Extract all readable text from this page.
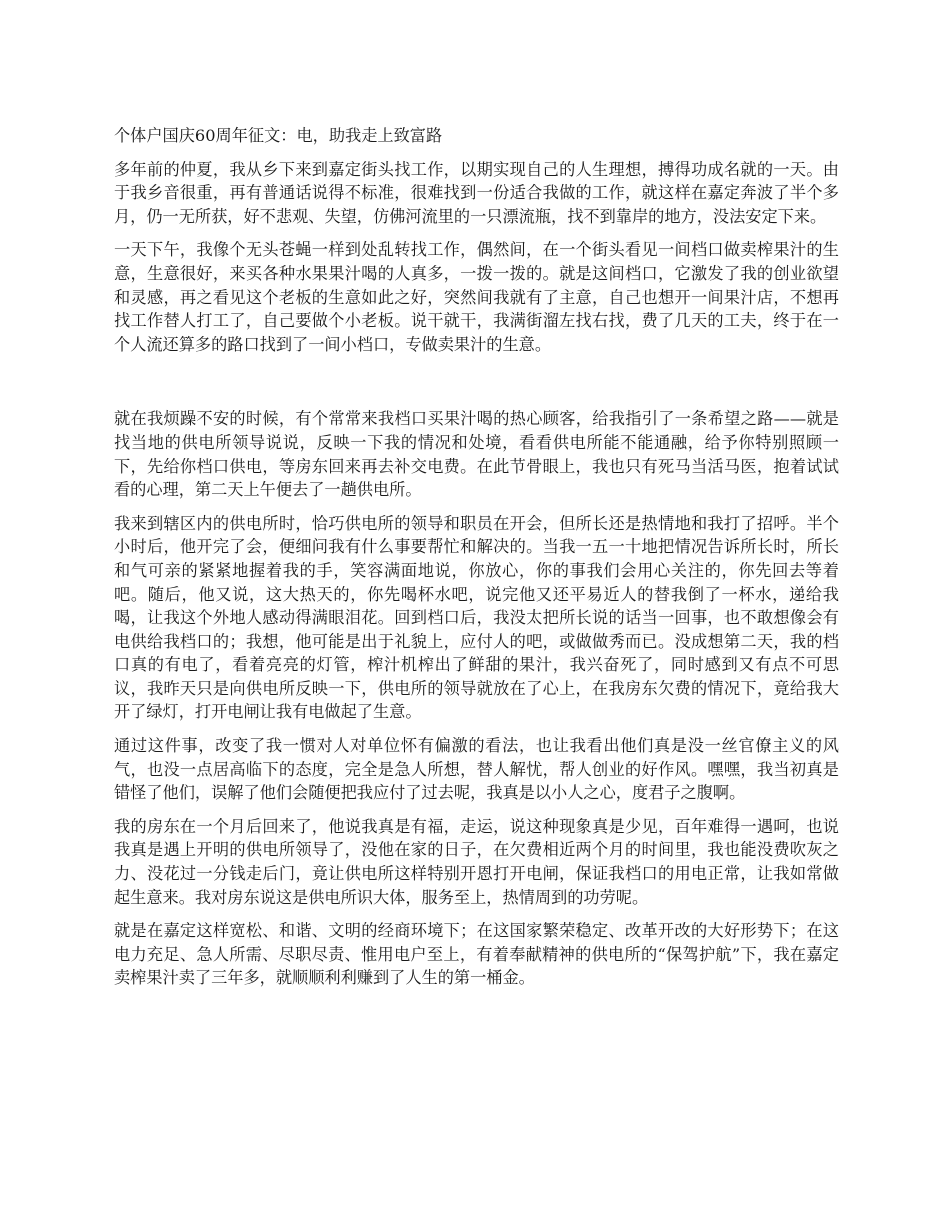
个体户国庆60周年征文：电，助我走上致富路

多年前的仲夏，我从乡下来到嘉定街头找工作，以期实现自己的人生理想，搏得功成名就的一天。由于我乡音很重，再有普通话说得不标准，很难找到一份适合我做的工作，就这样在嘉定奔波了半个多月，仍一无所获，好不悲观、失望，仿佛河流里的一只漂流瓶，找不到靠岸的地方，没法安定下来。

一天下午，我像个无头苍蝇一样到处乱转找工作，偶然间，在一个街头看见一间档口做卖榨果汁的生意，生意很好，来买各种水果果汁喝的人真多，一拨一拨的。就是这间档口，它激发了我的创业欲望和灵感，再之看见这个老板的生意如此之好，突然间我就有了主意，自己也想开一间果汁店，不想再找工作替人打工了，自己要做个小老板。说干就干，我满街溜左找右找，费了几天的工夫，终于在一个人流还算多的路口找到了一间小档口，专做卖果汁的生意。

就在我烦躁不安的时候，有个常常来我档口买果汁喝的热心顾客，给我指引了一条希望之路——就是找当地的供电所领导说说，反映一下我的情况和处境，看看供电所能不能通融，给予你特别照顾一下，先给你档口供电，等房东回来再去补交电费。在此节骨眼上，我也只有死马当活马医，抱着试试看的心理，第二天上午便去了一趟供电所。

我来到辖区内的供电所时，恰巧供电所的领导和职员在开会，但所长还是热情地和我打了招呼。半个小时后，他开完了会，便细问我有什么事要帮忙和解决的。当我一五一十地把情况告诉所长时，所长和气可亲的紧紧地握着我的手，笑容满面地说，你放心，你的事我们会用心关注的，你先回去等着吧。随后，他又说，这大热天的，你先喝杯水吧，说完他又还平易近人的替我倒了一杯水，递给我喝，让我这个外地人感动得满眼泪花。回到档口后，我没太把所长说的话当一回事，也不敢想像会有电供给我档口的；我想，他可能是出于礼貌上，应付人的吧，或做做秀而已。没成想第二天，我的档口真的有电了，看着亮亮的灯管，榨汁机榨出了鲜甜的果汁，我兴奋死了，同时感到又有点不可思议，我昨天只是向供电所反映一下，供电所的领导就放在了心上，在我房东欠费的情况下，竟给我大开了绿灯，打开电闸让我有电做起了生意。

通过这件事，改变了我一惯对人对单位怀有偏激的看法，也让我看出他们真是没一丝官僚主义的风气，也没一点居高临下的态度，完全是急人所想，替人解忧，帮人创业的好作风。嘿嘿，我当初真是错怪了他们，误解了他们会随便把我应付了过去呢，我真是以小人之心，度君子之腹啊。

我的房东在一个月后回来了，他说我真是有福，走运，说这种现象真是少见，百年难得一遇呵，也说我真是遇上开明的供电所领导了，没他在家的日子，在欠费相近两个月的时间里，我也能没费吹灰之力、没花过一分钱走后门，竟让供电所这样特别开恩打开电闸，保证我档口的用电正常，让我如常做起生意来。我对房东说这是供电所识大体，服务至上，热情周到的功劳呢。

就是在嘉定这样宽松、和谐、文明的经商环境下；在这国家繁荣稳定、改革开改的大好形势下；在这电力充足、急人所需、尽职尽责、惟用电户至上，有着奉献精神的供电所的“保驾护航”下，我在嘉定卖榨果汁卖了三年多，就顺顺利利赚到了人生的第一桶金。
